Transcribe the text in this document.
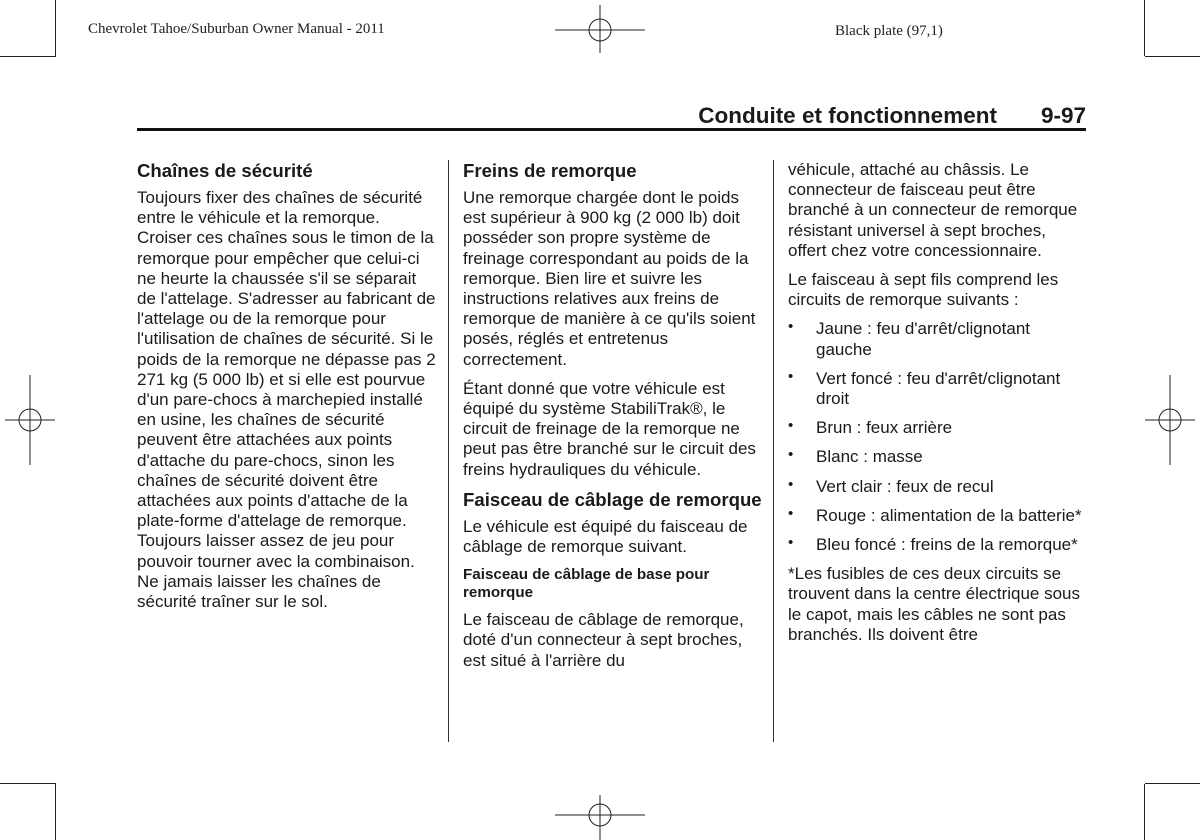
Chevrolet Tahoe/Suburban Owner Manual - 2011	Black plate (97,1)
Conduite et fonctionnement 9-97
Chaînes de sécurité

Toujours fixer des chaînes de sécurité entre le véhicule et la remorque. Croiser ces chaînes sous le timon de la remorque pour empêcher que celui-ci ne heurte la chaussée s'il se séparait de l'attelage. S'adresser au fabricant de l'attelage ou de la remorque pour l'utilisation de chaînes de sécurité. Si le poids de la remorque ne dépasse pas 2 271 kg (5 000 lb) et si elle est pourvue d'un pare-chocs à marchepied installé en usine, les chaînes de sécurité peuvent être attachées aux points d'attache du pare-chocs, sinon les chaînes de sécurité doivent être attachées aux points d'attache de la plate-forme d'attelage de remorque. Toujours laisser assez de jeu pour pouvoir tourner avec la combinaison. Ne jamais laisser les chaînes de sécurité traîner sur le sol.

Freins de remorque

Une remorque chargée dont le poids est supérieur à 900 kg (2 000 lb) doit posséder son propre système de freinage correspondant au poids de la remorque. Bien lire et suivre les instructions relatives aux freins de remorque de manière à ce qu'ils soient posés, réglés et entretenus correctement.

Étant donné que votre véhicule est équipé du système StabiliTrak®, le circuit de freinage de la remorque ne peut pas être branché sur le circuit des freins hydrauliques du véhicule.

Faisceau de câblage de remorque

Le véhicule est équipé du faisceau de câblage de remorque suivant.

Faisceau de câblage de base pour remorque

Le faisceau de câblage de remorque, doté d'un connecteur à sept broches, est situé à l'arrière du

véhicule, attaché au châssis. Le connecteur de faisceau peut être branché à un connecteur de remorque résistant universel à sept broches, offert chez votre concessionnaire.

Le faisceau à sept fils comprend les circuits de remorque suivants :

• Jaune : feu d'arrêt/clignotant gauche
• Vert foncé : feu d'arrêt/clignotant droit
• Brun : feux arrière
• Blanc : masse
• Vert clair : feux de recul
• Rouge : alimentation de la batterie*
• Bleu foncé : freins de la remorque*

*Les fusibles de ces deux circuits se trouvent dans la centre électrique sous le capot, mais les câbles ne sont pas branchés. Ils doivent être
